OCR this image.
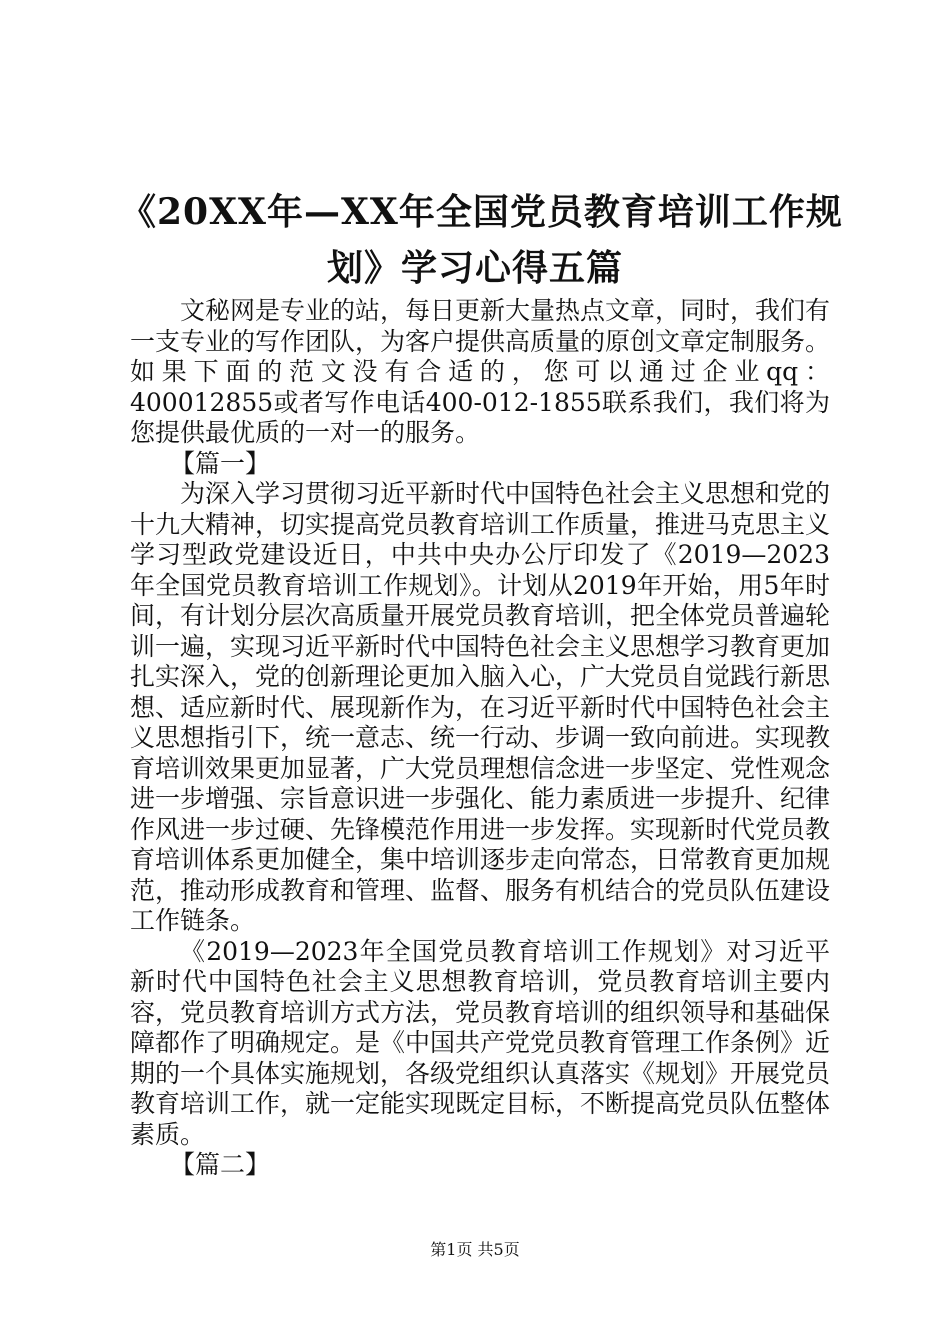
《20XX年—XX年全国党员教育培训工作规
划》学习心得五篇

文秘网是专业的站，每日更新大量热点文章，同时，我们有一支专业的写作团队，为客户提供高质量的原创文章定制服务。如果下面的范文没有合适的，您可以通过企业qq：400012855或者写作电话400-012-1855联系我们，我们将为您提供最优质的一对一的服务。

【篇一】

为深入学习贯彻习近平新时代中国特色社会主义思想和党的十九大精神，切实提高党员教育培训工作质量，推进马克思主义学习型政党建设近日，中共中央办公厅印发了《2019—2023年全国党员教育培训工作规划》。计划从2019年开始，用5年时间，有计划分层次高质量开展党员教育培训，把全体党员普遍轮训一遍，实现习近平新时代中国特色社会主义思想学习教育更加扎实深入，党的创新理论更加入脑入心，广大党员自觉践行新思想、适应新时代、展现新作为，在习近平新时代中国特色社会主义思想指引下，统一意志、统一行动、步调一致向前进。实现教育培训效果更加显著，广大党员理想信念进一步坚定、党性观念进一步增强、宗旨意识进一步强化、能力素质进一步提升、纪律作风进一步过硬、先锋模范作用进一步发挥。实现新时代党员教育培训体系更加健全，集中培训逐步走向常态，日常教育更加规范，推动形成教育和管理、监督、服务有机结合的党员队伍建设工作链条。

《2019—2023年全国党员教育培训工作规划》对习近平新时代中国特色社会主义思想教育培训，党员教育培训主要内容，党员教育培训方式方法，党员教育培训的组织领导和基础保障都作了明确规定。是《中国共产党党员教育管理工作条例》近期的一个具体实施规划，各级党组织认真落实《规划》开展党员教育培训工作，就一定能实现既定目标，不断提高党员队伍整体素质。

【篇二】

第1页 共5页
